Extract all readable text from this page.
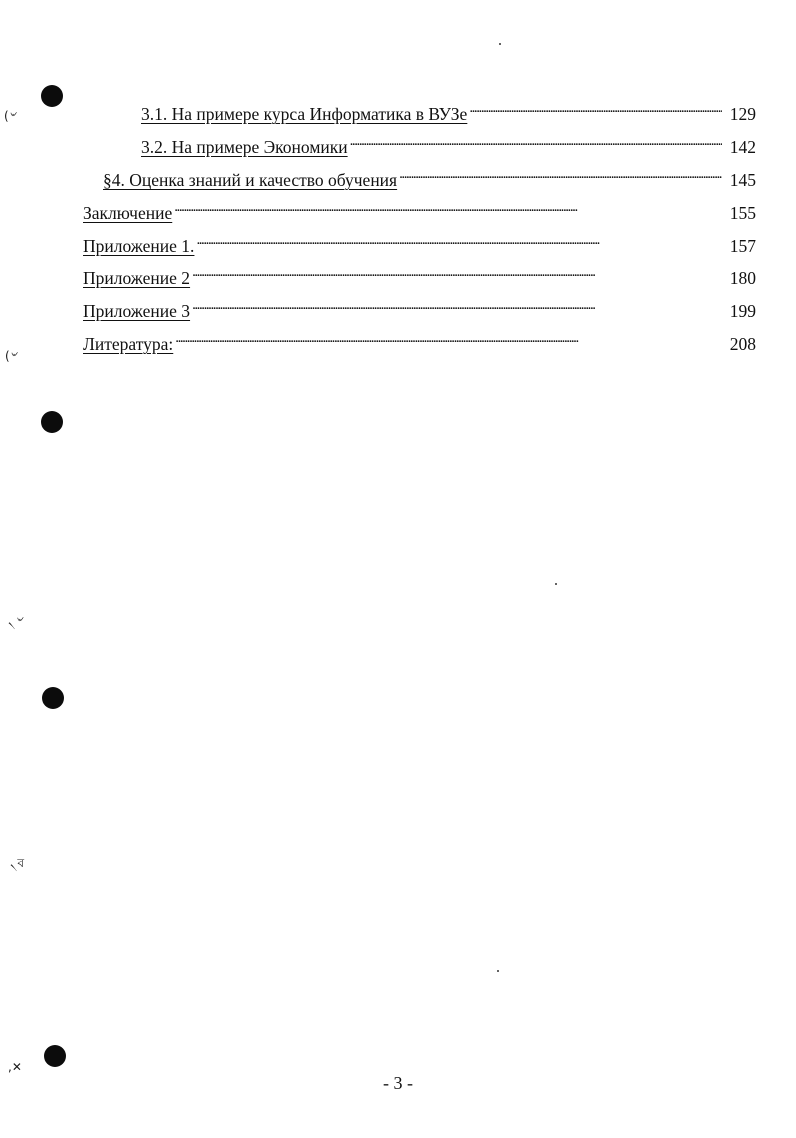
(৺
(৺
৲৺
৲ব
,✕
3.1. На примере курса Информатика в ВУЗе . . .	129
3.2. На примере Экономики . . .	142
§4. Оценка знаний и качество обучения . . .	145
Заключение . . .	155
Приложение 1. . . .	157
Приложение 2 . . .	180
Приложение 3 . . .	199
Литература: . . .	208
- 3 -
